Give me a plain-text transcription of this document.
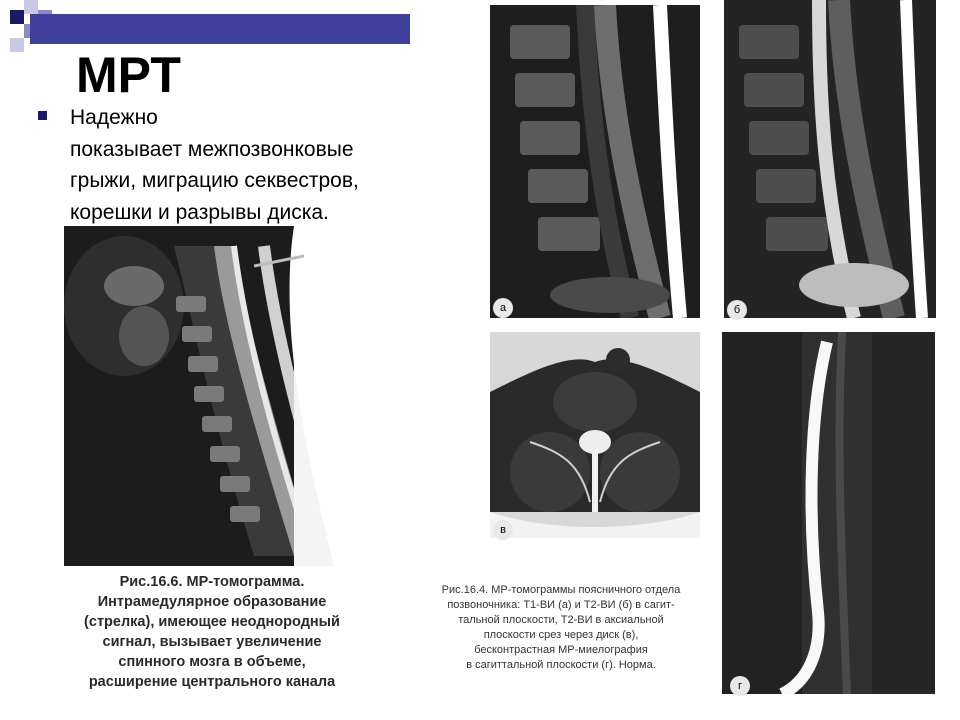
МРТ
Надежно
показывает межпозвонковые
грыжи, миграцию секвестров,
корешки и разрывы диска.
Рис.16.6. МР-томограмма.
Интрамедулярное образование
(стрелка), имеющее неоднородный
сигнал, вызывает увеличение
спинного мозга в объеме,
расширение центрального канала
а	б
в
г
Рис.16.4. МР-томограммы поясничного отдела
позвоночника: Т1-ВИ (а) и Т2-ВИ (б) в сагит-
тальной плоскости, Т2-ВИ в аксиальной
плоскости срез через диск (в),
бесконтрастная МР-миелография
в сагиттальной плоскости (г). Норма.
